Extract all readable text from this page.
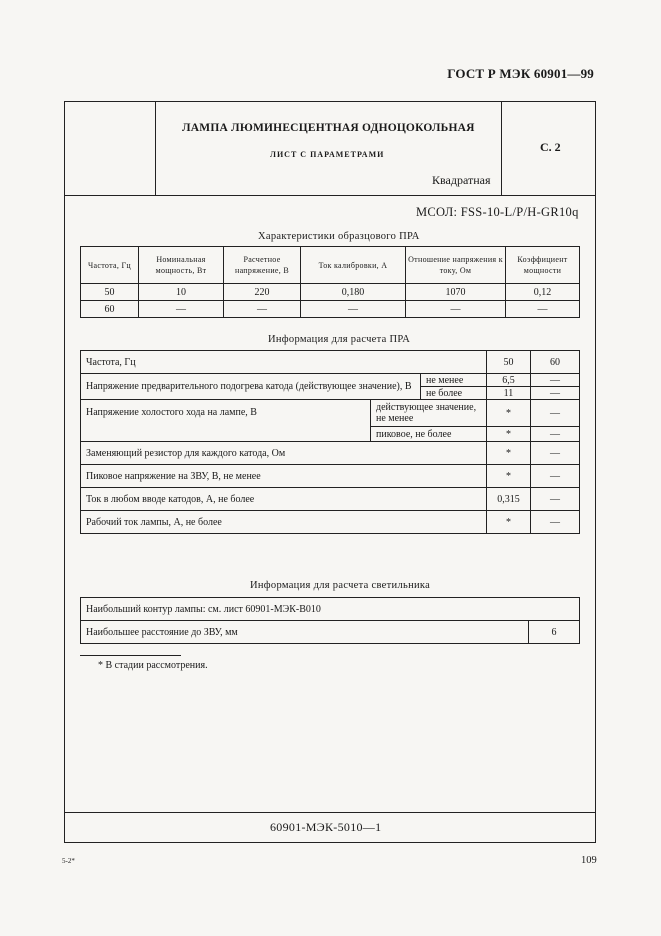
ГОСТ Р МЭК 60901—99
ЛАМПА ЛЮМИНЕСЦЕНТНАЯ ОДНОЦОКОЛЬНАЯ
ЛИСТ С ПАРАМЕТРАМИ
Квадратная
С. 2
МСОЛ: FSS-10-L/P/H-GR10q
Характеристики образцового ПРА
Частота, Гц	Номинальная мощность, Вт	Расчетное напряжение, В	Ток калибровки, А	Отношение напряжения к току, Ом	Коэффициент мощности
50	10	220	0,180	1070	0,12
60	—	—	—	—	—
Информация для расчета ПРА
Частота, Гц			50	60
Напряжение предварительного подогрева катода (действующее значение), В		не менее	6,5	—
		не более	11	—
Напряжение холостого хода на лампе, В	действующее значение, не менее		*	—
	пиковое, не более		*	—
Заменяющий резистор для каждого катода, Ом			*	—
Пиковое напряжение на ЗВУ, В, не менее			*	—
Ток в любом вводе катодов, А, не более			0,315	—
Рабочий ток лампы, А, не более			*	—
Информация для расчета светильника
Наибольший контур лампы: см. лист 60901-МЭК-В010
Наибольшее расстояние до ЗВУ, мм	6
* В стадии рассмотрения.
60901-МЭК-5010—1
5-2*	109
